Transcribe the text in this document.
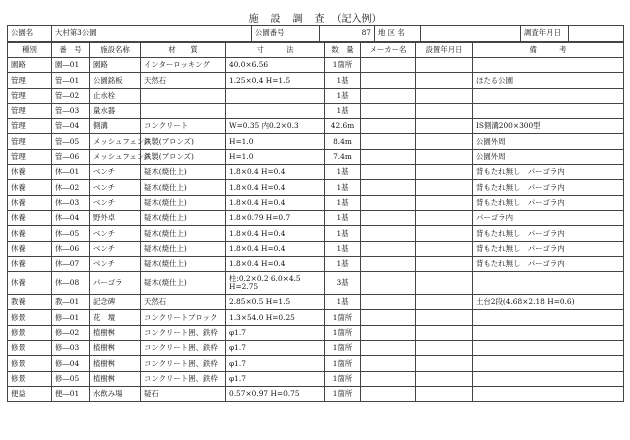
施　設　調　査 （記入例）
公園名	大村第3公園	公園番号	87	地 区 名		調査年月日	
種別	番　号	施設名称	材　　質	寸　　　法	数　量	メーカー名	設置年月日	備　　　考
園路	園―01	園路	インターロッキング	40.0×6.56	1箇所			
管理	管―01	公園銘板	天然石	1.25×0.4 H=1.5	1基			ほたる公園
管理	管―02	止水栓			1基			
管理	管―03	量水器			1基			
管理	管―04	側溝	コンクリート	W=0.35 内0.2×0.3	42.6m			IS側溝200×300型
管理	管―05	メッシュフェンス	鉄製(ブロンズ)	H=1.0	8.4m			公園外周
管理	管―06	メッシュフェンス	鉄製(ブロンズ)	H=1.0	7.4m			公園外周
休養	休―01	ベンチ	疑木(焼仕上)	1.8×0.4 H=0.4	1基			背もたれ無し　パーゴラ内
休養	休―02	ベンチ	疑木(焼仕上)	1.8×0.4 H=0.4	1基			背もたれ無し　パーゴラ内
休養	休―03	ベンチ	疑木(焼仕上)	1.8×0.4 H=0.4	1基			背もたれ無し　パーゴラ内
休養	休―04	野外卓	疑木(焼仕上)	1.8×0.79 H=0.7	1基			パーゴラ内
休養	休―05	ベンチ	疑木(焼仕上)	1.8×0.4 H=0.4	1基			背もたれ無し　パーゴラ内
休養	休―06	ベンチ	疑木(焼仕上)	1.8×0.4 H=0.4	1基			背もたれ無し　パーゴラ内
休養	休―07	ベンチ	疑木(焼仕上)	1.8×0.4 H=0.4	1基			背もたれ無し　パーゴラ内
休養	休―08	パーゴラ	疑木(焼仕上)	柱:0.2×0.2 6.0×4.5 H=2.75	3基			
教養	教―01	記念碑	天然石	2.85×0.5 H=1.5	1基			土台2段(4.68×2.18 H=0.6)
修景	修―01	花　壇	コンクリートブロック	1.3×54.0 H=0.25	1箇所			
修景	修―02	植樹桝	コンクリート囲、鉄枠	φ1.7	1箇所			
修景	修―03	植樹桝	コンクリート囲、鉄枠	φ1.7	1箇所			
修景	修―04	植樹桝	コンクリート囲、鉄枠	φ1.7	1箇所			
修景	修―05	植樹桝	コンクリート囲、鉄枠	φ1.7	1箇所			
便益	便―01	水飲み場	疑石	0.57×0.97 H=0.75	1箇所			
